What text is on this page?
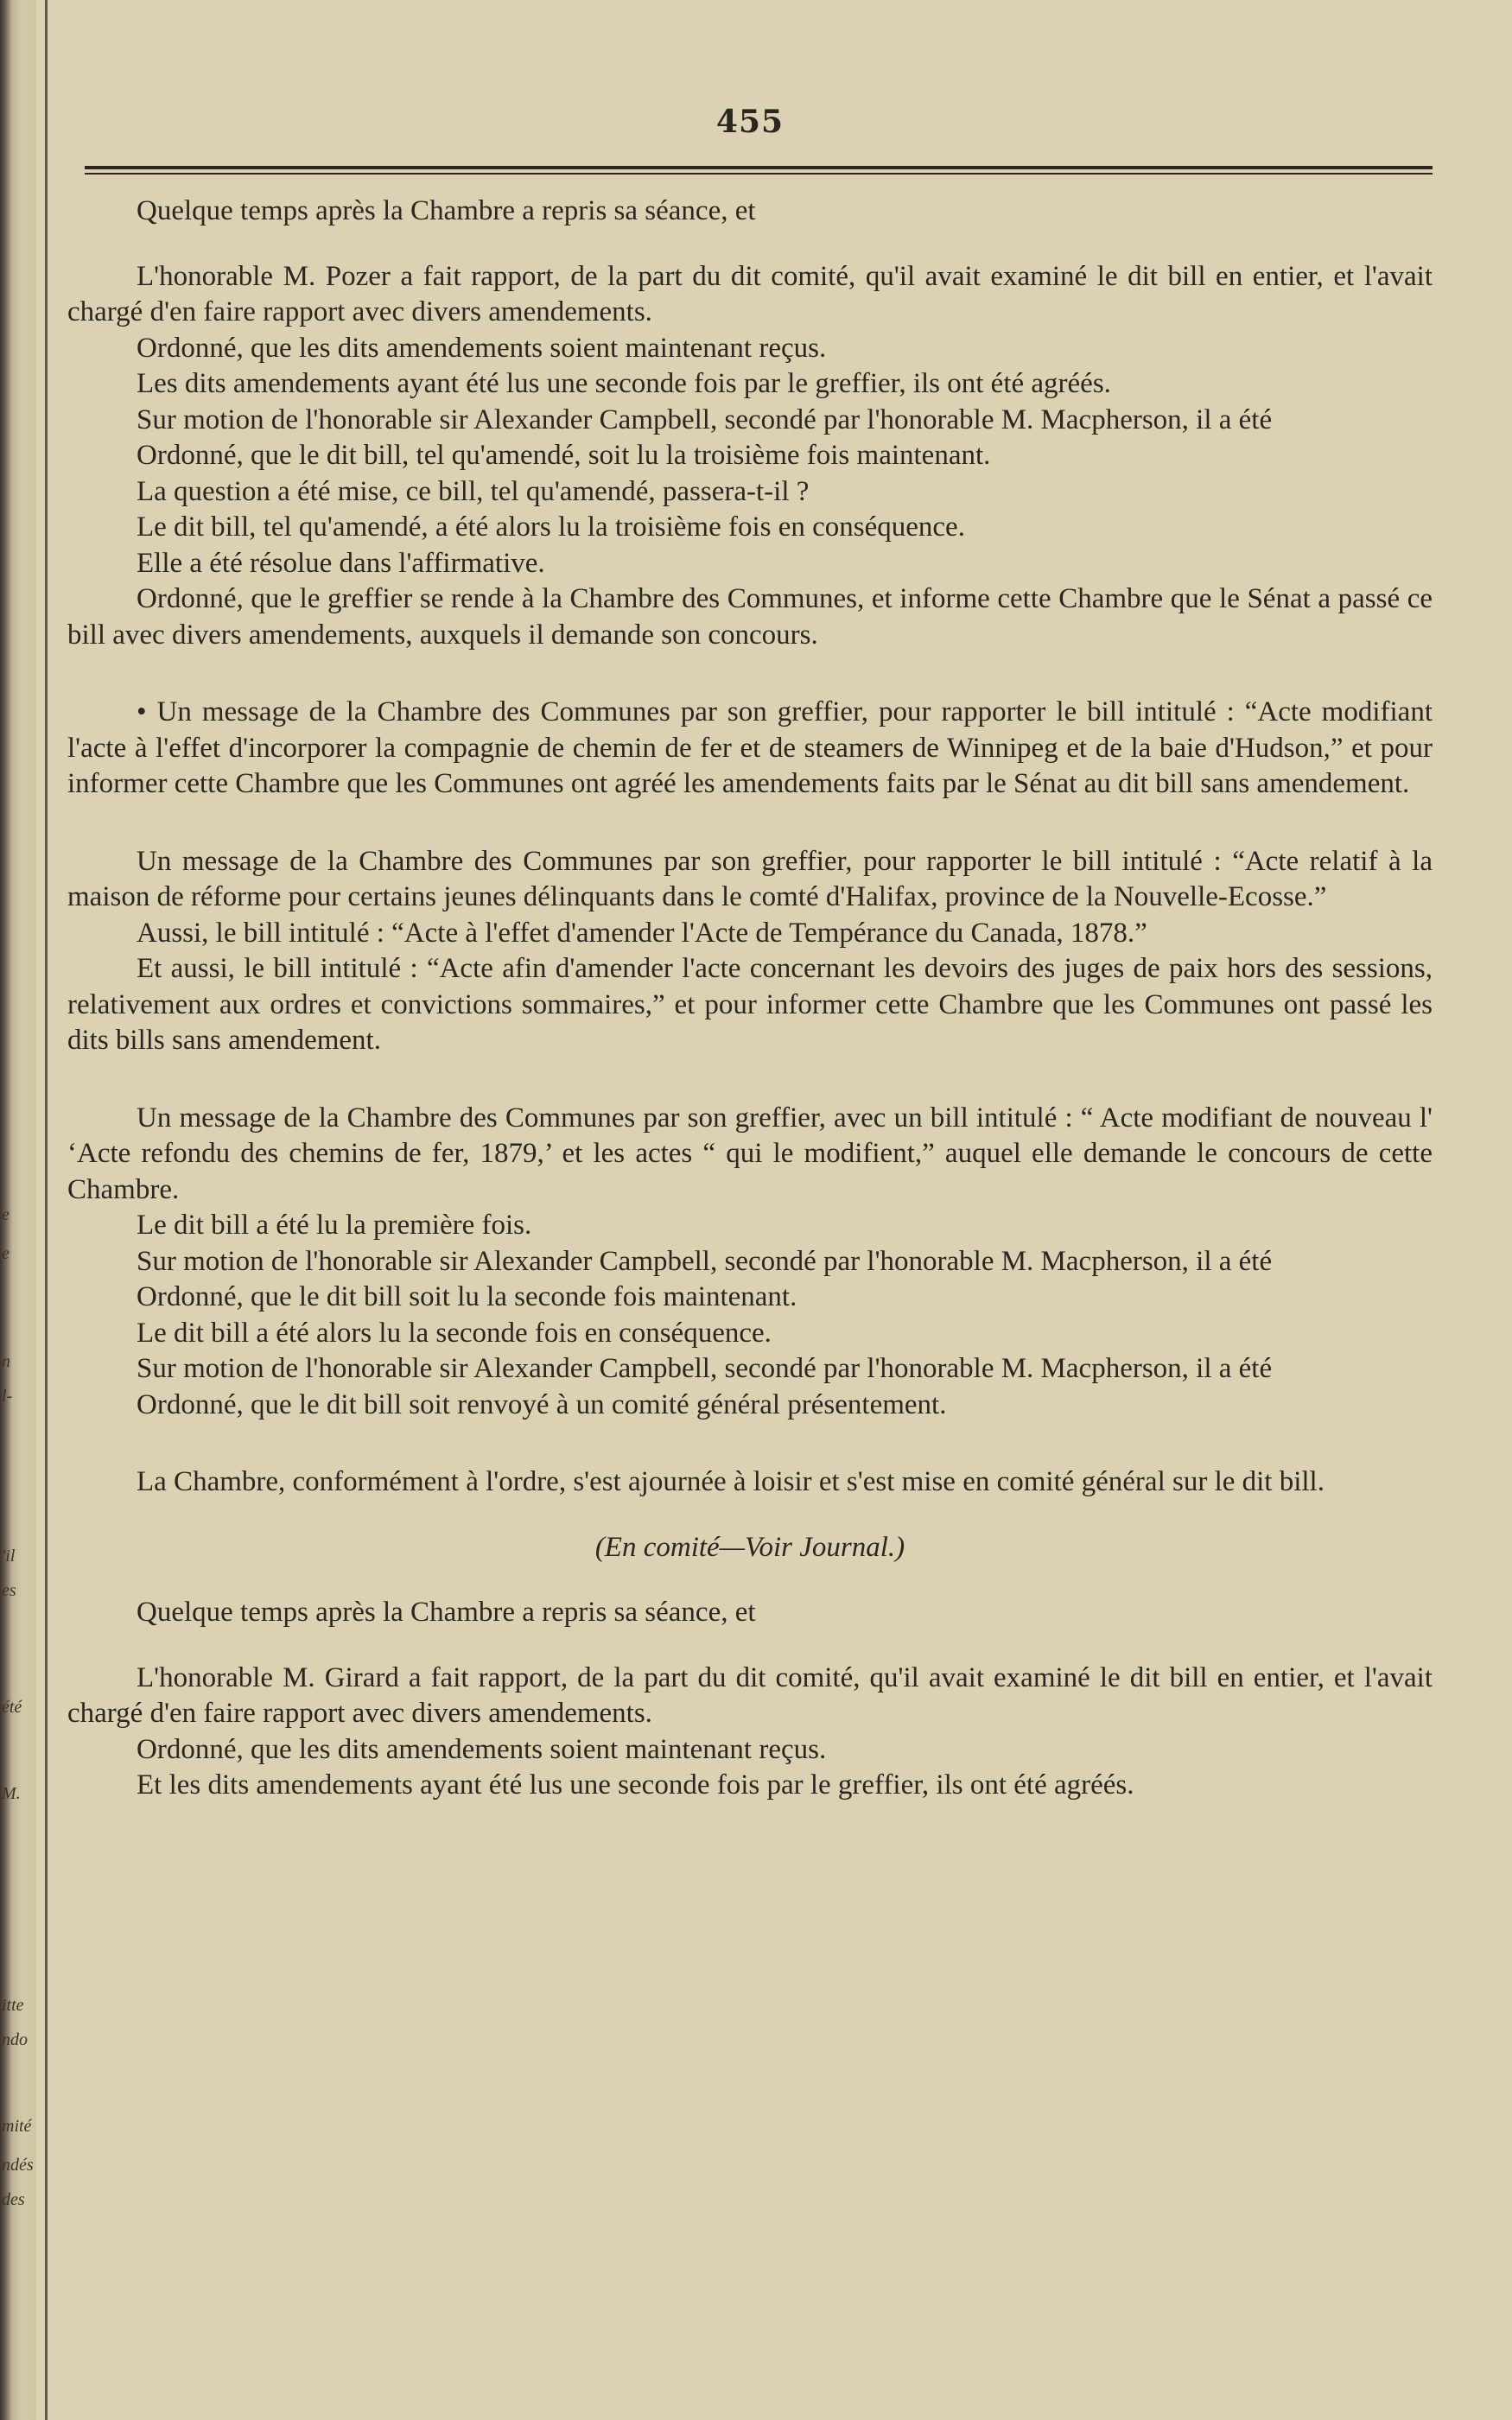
e
e
n
l-
'il
es
été
M.
itte
ndo
mité
ndés
des
455

Quelque temps après la Chambre a repris sa séance, et

L'honorable M. Pozer a fait rapport, de la part du dit comité, qu'il avait examiné le dit bill en entier, et l'avait chargé d'en faire rapport avec divers amendements.

Ordonné, que les dits amendements soient maintenant reçus.

Les dits amendements ayant été lus une seconde fois par le greffier, ils ont été agréés.

Sur motion de l'honorable sir Alexander Campbell, secondé par l'honorable M. Macpherson, il a été

Ordonné, que le dit bill, tel qu'amendé, soit lu la troisième fois maintenant.

La question a été mise, ce bill, tel qu'amendé, passera-t-il ?

Le dit bill, tel qu'amendé, a été alors lu la troisième fois en conséquence.

Elle a été résolue dans l'affirmative.

Ordonné, que le greffier se rende à la Chambre des Communes, et informe cette Chambre que le Sénat a passé ce bill avec divers amendements, auxquels il demande son concours.

• Un message de la Chambre des Communes par son greffier, pour rapporter le bill intitulé : “Acte modifiant l'acte à l'effet d'incorporer la compagnie de chemin de fer et de steamers de Winnipeg et de la baie d'Hudson,” et pour informer cette Chambre que les Communes ont agréé les amendements faits par le Sénat au dit bill sans amendement.

Un message de la Chambre des Communes par son greffier, pour rapporter le bill intitulé : “Acte relatif à la maison de réforme pour certains jeunes délinquants dans le comté d'Halifax, province de la Nouvelle-Ecosse.”

Aussi, le bill intitulé : “Acte à l'effet d'amender l'Acte de Tempérance du Canada, 1878.”

Et aussi, le bill intitulé : “Acte afin d'amender l'acte concernant les devoirs des juges de paix hors des sessions, relativement aux ordres et convictions sommaires,” et pour informer cette Chambre que les Communes ont passé les dits bills sans amendement.

Un message de la Chambre des Communes par son greffier, avec un bill intitulé : “ Acte modifiant de nouveau l' ‘Acte refondu des chemins de fer, 1879,’ et les actes “ qui le modifient,” auquel elle demande le concours de cette Chambre.

Le dit bill a été lu la première fois.

Sur motion de l'honorable sir Alexander Campbell, secondé par l'honorable M. Macpherson, il a été

Ordonné, que le dit bill soit lu la seconde fois maintenant.

Le dit bill a été alors lu la seconde fois en conséquence.

Sur motion de l'honorable sir Alexander Campbell, secondé par l'honorable M. Macpherson, il a été

Ordonné, que le dit bill soit renvoyé à un comité général présentement.

La Chambre, conformément à l'ordre, s'est ajournée à loisir et s'est mise en comité général sur le dit bill.

(En comité—Voir Journal.)

Quelque temps après la Chambre a repris sa séance, et

L'honorable M. Girard a fait rapport, de la part du dit comité, qu'il avait examiné le dit bill en entier, et l'avait chargé d'en faire rapport avec divers amendements.

Ordonné, que les dits amendements soient maintenant reçus.

Et les dits amendements ayant été lus une seconde fois par le greffier, ils ont été agréés.
